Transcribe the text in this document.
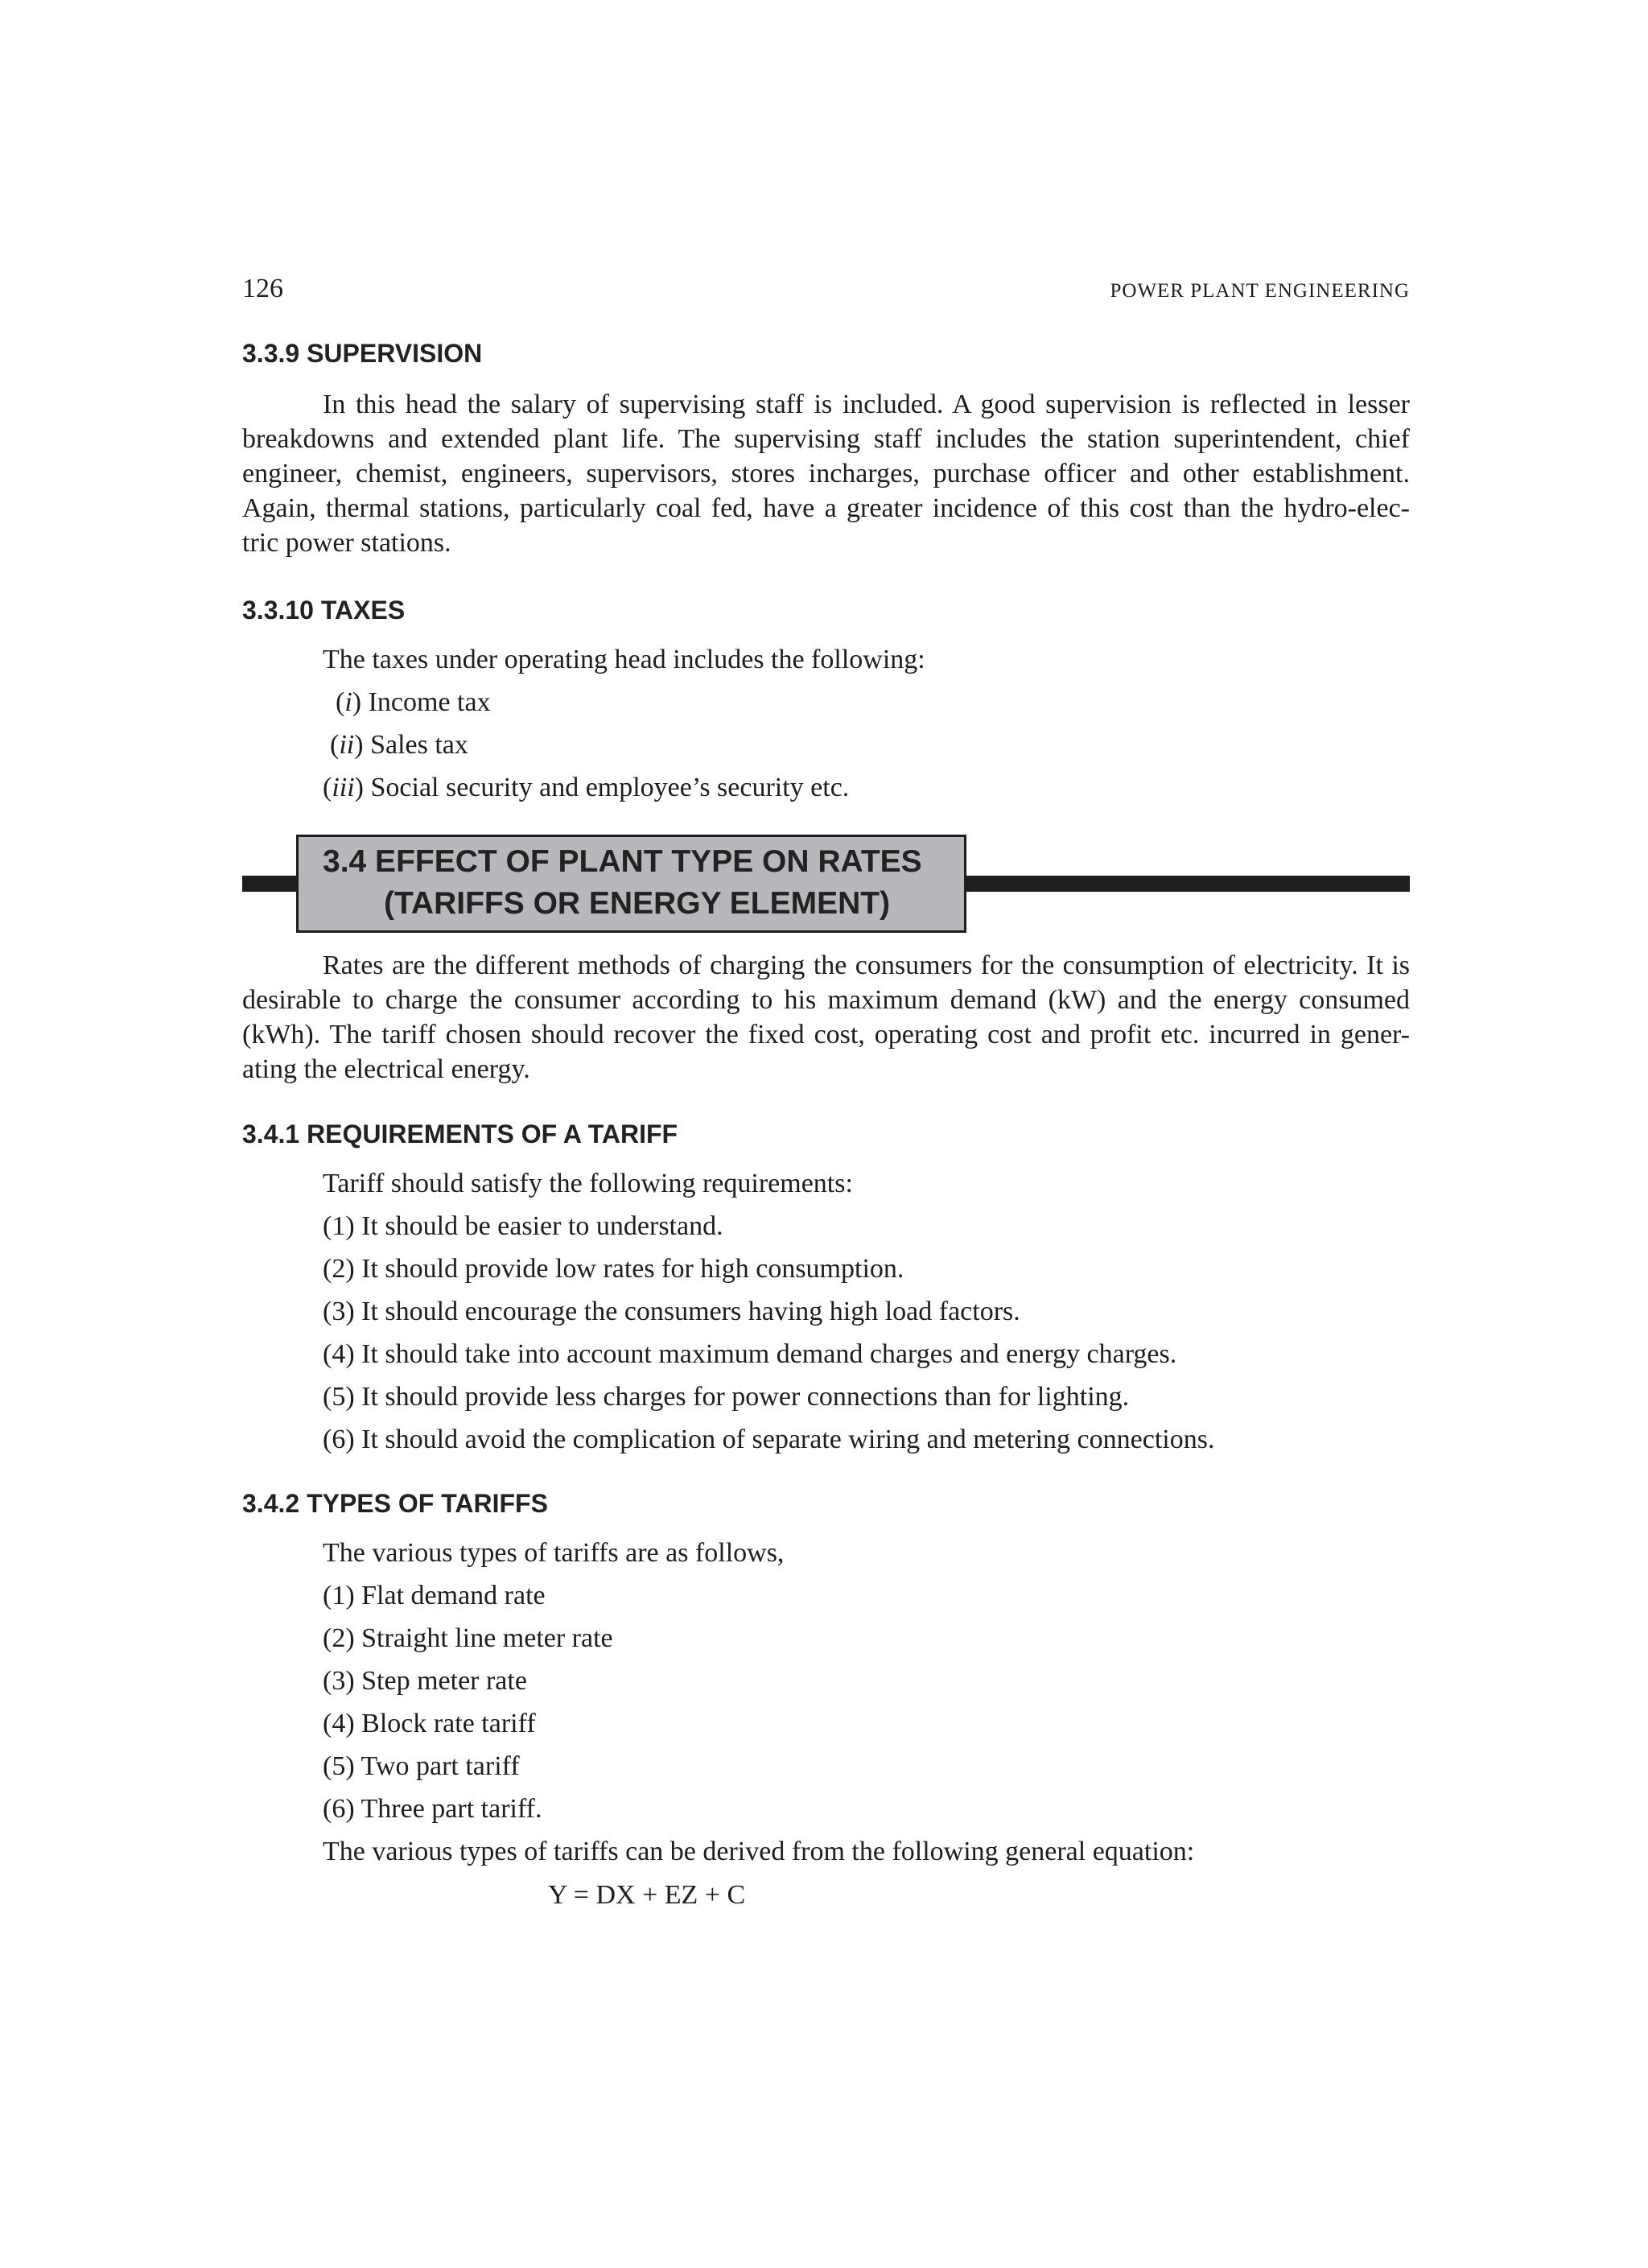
126	POWER PLANT ENGINEERING
3.3.9 SUPERVISION
In this head the salary of supervising staff is included. A good supervision is reflected in lesser
breakdowns and extended plant life. The supervising staff includes the station superintendent, chief
engineer, chemist, engineers, supervisors, stores incharges, purchase officer and other establishment.
Again, thermal stations, particularly coal fed, have a greater incidence of this cost than the hydro-elec-
tric power stations.
3.3.10 TAXES
The taxes under operating head includes the following:
(i) Income tax
(ii) Sales tax
(iii) Social security and employee’s security etc.
3.4 EFFECT OF PLANT TYPE ON RATES
(TARIFFS OR ENERGY ELEMENT)
Rates are the different methods of charging the consumers for the consumption of electricity. It is
desirable to charge the consumer according to his maximum demand (kW) and the energy consumed
(kWh). The tariff chosen should recover the fixed cost, operating cost and profit etc. incurred in gener-
ating the electrical energy.
3.4.1 REQUIREMENTS OF A TARIFF
Tariff should satisfy the following requirements:
(1) It should be easier to understand.
(2) It should provide low rates for high consumption.
(3) It should encourage the consumers having high load factors.
(4) It should take into account maximum demand charges and energy charges.
(5) It should provide less charges for power connections than for lighting.
(6) It should avoid the complication of separate wiring and metering connections.
3.4.2 TYPES OF TARIFFS
The various types of tariffs are as follows,
(1) Flat demand rate
(2) Straight line meter rate
(3) Step meter rate
(4) Block rate tariff
(5) Two part tariff
(6) Three part tariff.
The various types of tariffs can be derived from the following general equation:
Y = DX + EZ + C
